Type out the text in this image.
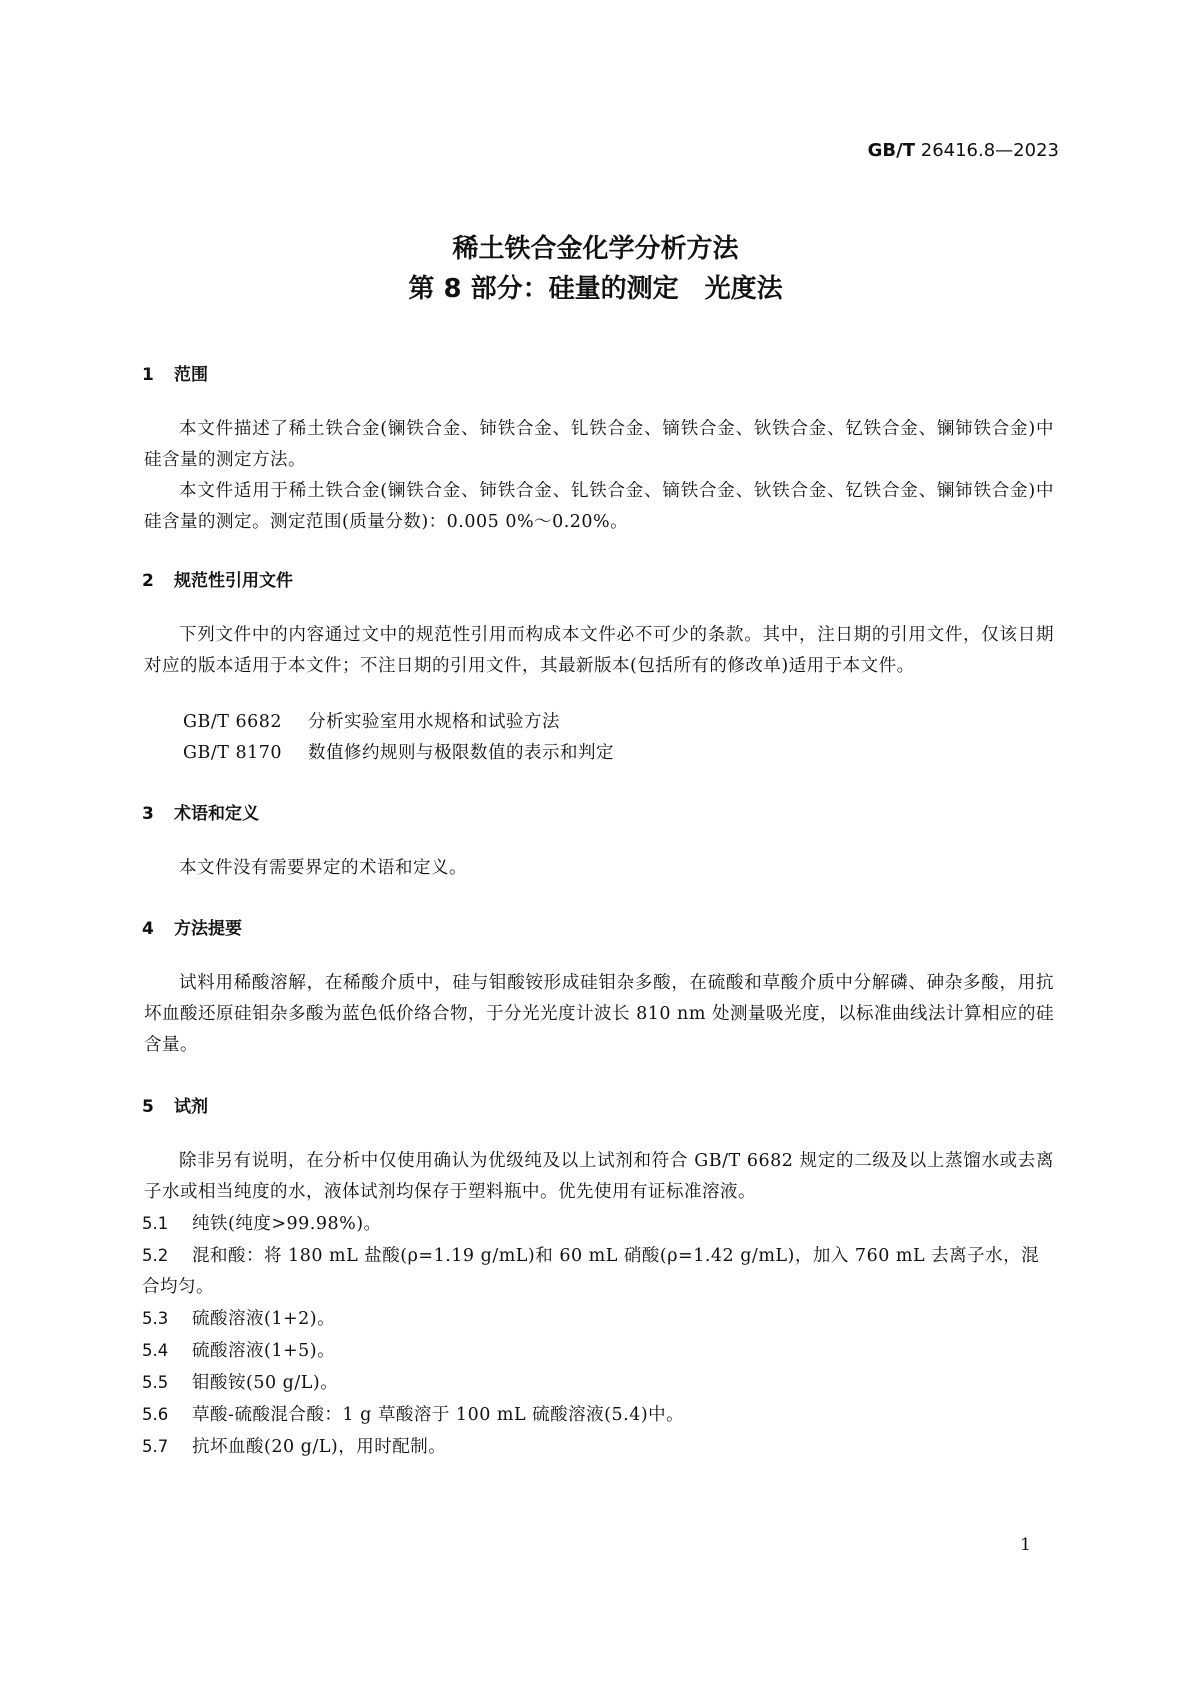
GB/T 26416.8—2023
稀土铁合金化学分析方法
第 8 部分：硅量的测定　光度法
1 范围

本文件描述了稀土铁合金(镧铁合金、铈铁合金、钆铁合金、镝铁合金、钬铁合金、钇铁合金、镧铈铁合金)中硅含量的测定方法。

本文件适用于稀土铁合金(镧铁合金、铈铁合金、钆铁合金、镝铁合金、钬铁合金、钇铁合金、镧铈铁合金)中硅含量的测定。测定范围(质量分数)：0.005 0%～0.20%。

2 规范性引用文件

下列文件中的内容通过文中的规范性引用而构成本文件必不可少的条款。其中，注日期的引用文件，仅该日期对应的版本适用于本文件；不注日期的引用文件，其最新版本(包括所有的修改单)适用于本文件。

GB/T 6682 分析实验室用水规格和试验方法
GB/T 8170 数值修约规则与极限数值的表示和判定
3 术语和定义

本文件没有需要界定的术语和定义。

4 方法提要

试料用稀酸溶解，在稀酸介质中，硅与钼酸铵形成硅钼杂多酸，在硫酸和草酸介质中分解磷、砷杂多酸，用抗坏血酸还原硅钼杂多酸为蓝色低价络合物，于分光光度计波长 810 nm 处测量吸光度，以标准曲线法计算相应的硅含量。

5 试剂

除非另有说明，在分析中仅使用确认为优级纯及以上试剂和符合 GB/T 6682 规定的二级及以上蒸馏水或去离子水或相当纯度的水，液体试剂均保存于塑料瓶中。优先使用有证标准溶液。

5.1 纯铁(纯度>99.98%)。
5.2 混和酸：将 180 mL 盐酸(ρ=1.19 g/mL)和 60 mL 硝酸(ρ=1.42 g/mL)，加入 760 mL 去离子水，混合均匀。
5.3 硫酸溶液(1+2)。
5.4 硫酸溶液(1+5)。
5.5 钼酸铵(50 g/L)。
5.6 草酸-硫酸混合酸：1 g 草酸溶于 100 mL 硫酸溶液(5.4)中。
5.7 抗坏血酸(20 g/L)，用时配制。
1
